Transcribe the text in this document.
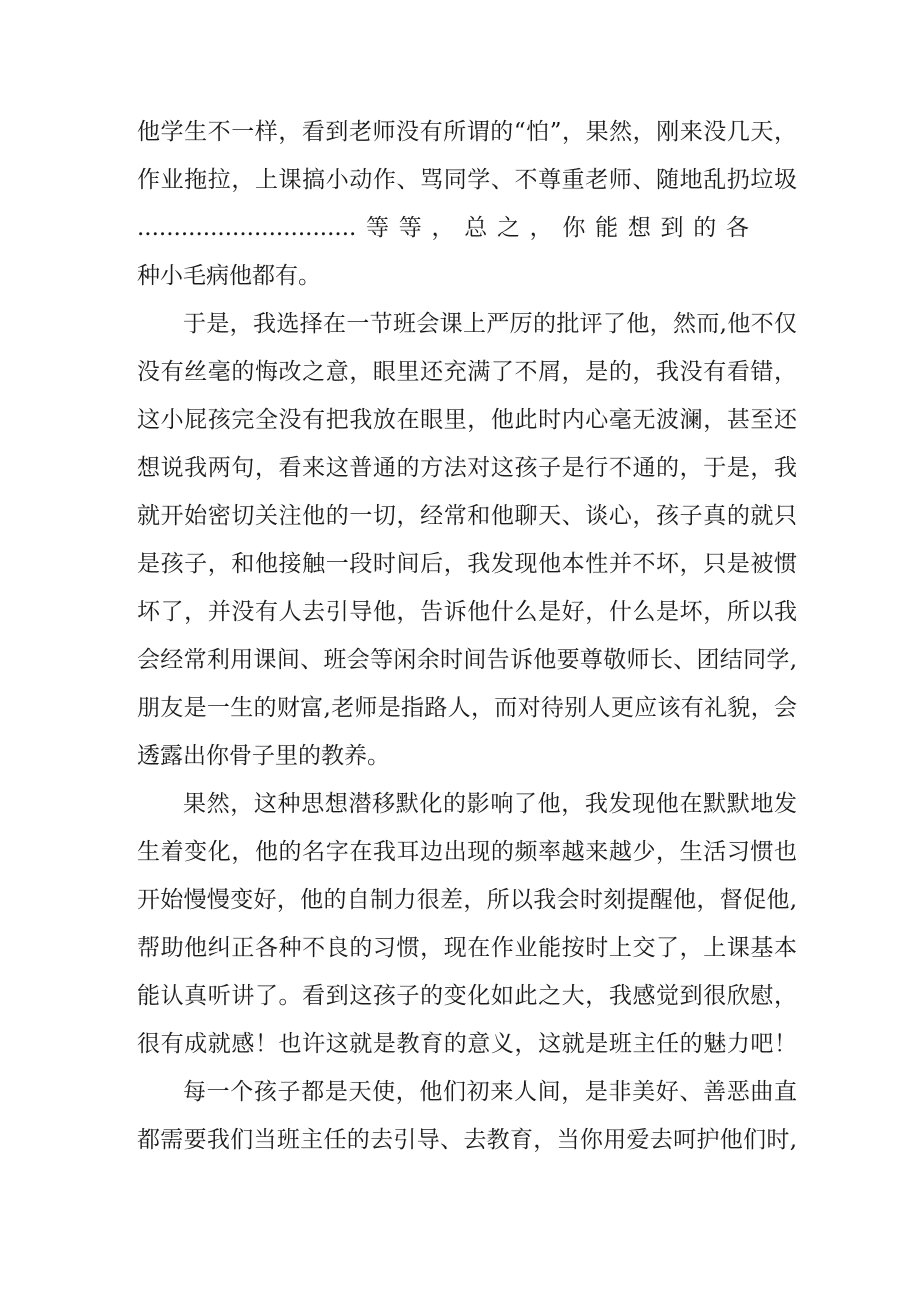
他学生不一样，看到老师没有所谓的“怕”，果然，刚来没几天，
作业拖拉，上课搞小动作、骂同学、不尊重老师、随地乱扔垃圾
..............................等等，总之，你能想到的各
种小毛病他都有。
于是，我选择在一节班会课上严厉的批评了他，然而,他不仅
没有丝毫的悔改之意，眼里还充满了不屑，是的，我没有看错，
这小屁孩完全没有把我放在眼里，他此时内心毫无波澜，甚至还
想说我两句，看来这普通的方法对这孩子是行不通的，于是，我
就开始密切关注他的一切，经常和他聊天、谈心，孩子真的就只
是孩子，和他接触一段时间后，我发现他本性并不坏，只是被惯
坏了，并没有人去引导他，告诉他什么是好，什么是坏，所以我
会经常利用课间、班会等闲余时间告诉他要尊敬师长、团结同学,
朋友是一生的财富,老师是指路人，而对待别人更应该有礼貌，会
透露出你骨子里的教养。
果然，这种思想潜移默化的影响了他，我发现他在默默地发
生着变化，他的名字在我耳边出现的频率越来越少，生活习惯也
开始慢慢变好，他的自制力很差，所以我会时刻提醒他，督促他,
帮助他纠正各种不良的习惯，现在作业能按时上交了，上课基本
能认真听讲了。看到这孩子的变化如此之大，我感觉到很欣慰，
很有成就感！也许这就是教育的意义，这就是班主任的魅力吧！
每一个孩子都是天使，他们初来人间，是非美好、善恶曲直
都需要我们当班主任的去引导、去教育，当你用爱去呵护他们时,
